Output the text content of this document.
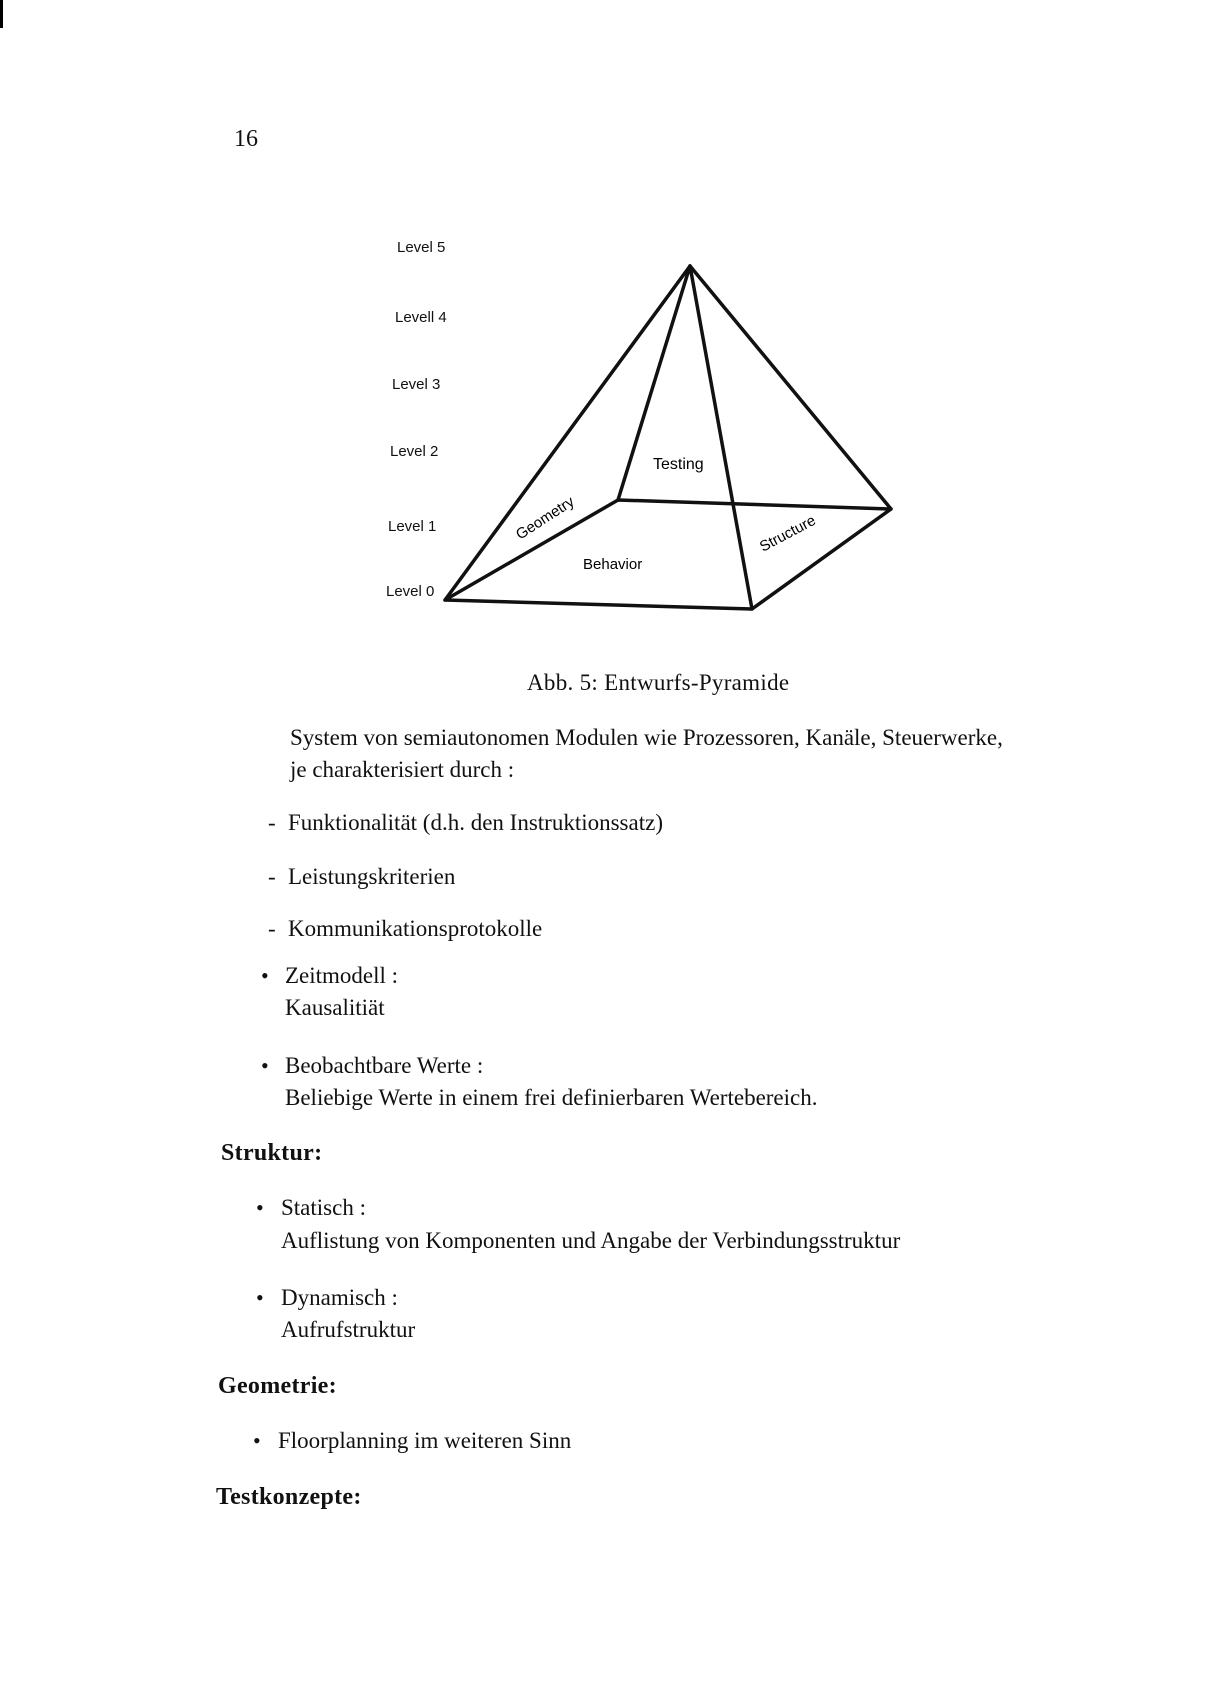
16
Level 5
Levell 4
Level 3
Level 2
Level 1
Level 0
Testing
Behavior
Geometry	Structure
Abb. 5: Entwurfs-Pyramide
System von semiautonomen Modulen wie Prozessoren, Kanäle, Steuerwerke,
je charakterisiert durch :
- Funktionalität (d.h. den Instruktionssatz)
- Leistungskriterien
- Kommunikationsprotokolle
• Zeitmodell :
Kausalitiät
• Beobachtbare Werte :
Beliebige Werte in einem frei definierbaren Wertebereich.
Struktur:
• Statisch :
Auflistung von Komponenten und Angabe der Verbindungsstruktur
• Dynamisch :
Aufrufstruktur
Geometrie:
• Floorplanning im weiteren Sinn
Testkonzepte:
